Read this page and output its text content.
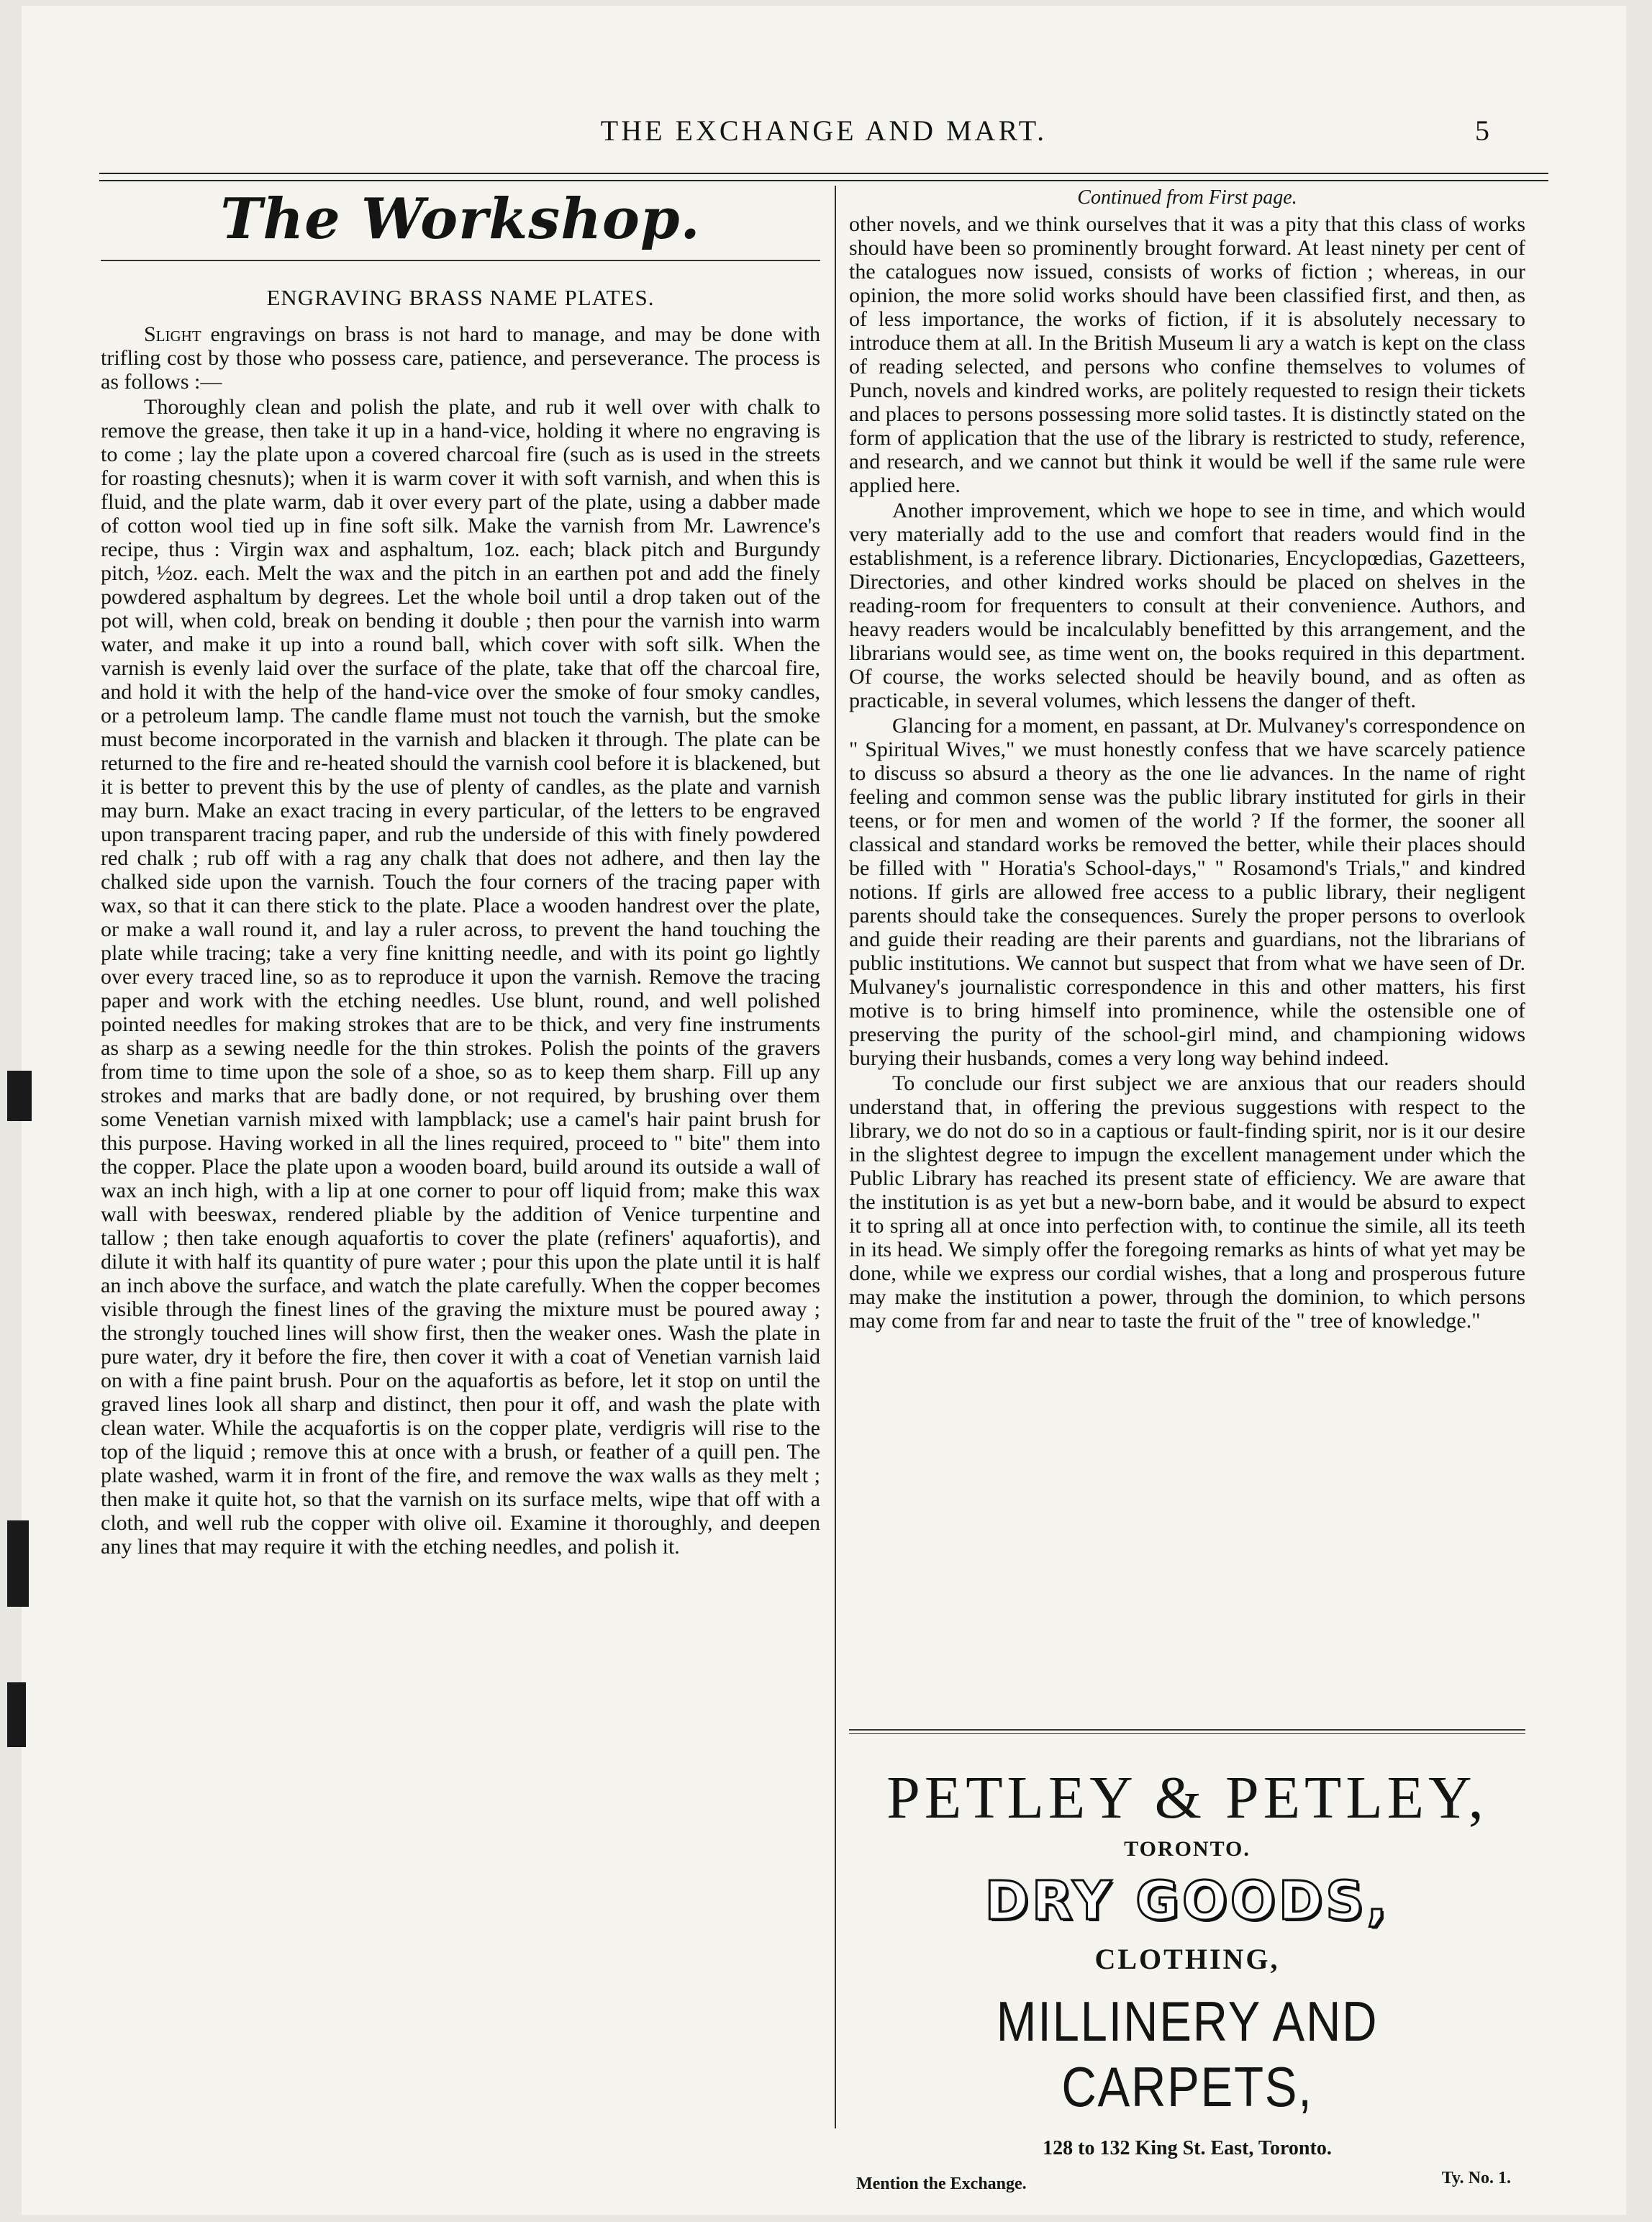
THE EXCHANGE AND MART.	5
The Workshop.
ENGRAVING BRASS NAME PLATES.

Slight engravings on brass is not hard to manage, and may be done with trifling cost by those who possess care, patience, and perseverance. The process is as follows :—

Thoroughly clean and polish the plate, and rub it well over with chalk to remove the grease, then take it up in a hand-vice, holding it where no engraving is to come ; lay the plate upon a covered charcoal fire (such as is used in the streets for roasting chesnuts); when it is warm cover it with soft varnish, and when this is fluid, and the plate warm, dab it over every part of the plate, using a dabber made of cotton wool tied up in fine soft silk. Make the varnish from Mr. Lawrence's recipe, thus : Virgin wax and asphaltum, 1oz. each; black pitch and Burgundy pitch, ½oz. each. Melt the wax and the pitch in an earthen pot and add the finely powdered asphaltum by degrees. Let the whole boil until a drop taken out of the pot will, when cold, break on bending it double ; then pour the varnish into warm water, and make it up into a round ball, which cover with soft silk. When the varnish is evenly laid over the surface of the plate, take that off the charcoal fire, and hold it with the help of the hand-vice over the smoke of four smoky candles, or a petroleum lamp. The candle flame must not touch the varnish, but the smoke must become incorporated in the varnish and blacken it through. The plate can be returned to the fire and re-heated should the varnish cool before it is blackened, but it is better to prevent this by the use of plenty of candles, as the plate and varnish may burn. Make an exact tracing in every particular, of the letters to be engraved upon transparent tracing paper, and rub the underside of this with finely powdered red chalk ; rub off with a rag any chalk that does not adhere, and then lay the chalked side upon the varnish. Touch the four corners of the tracing paper with wax, so that it can there stick to the plate. Place a wooden handrest over the plate, or make a wall round it, and lay a ruler across, to prevent the hand touching the plate while tracing; take a very fine knitting needle, and with its point go lightly over every traced line, so as to reproduce it upon the varnish. Remove the tracing paper and work with the etching needles. Use blunt, round, and well polished pointed needles for making strokes that are to be thick, and very fine instruments as sharp as a sewing needle for the thin strokes. Polish the points of the gravers from time to time upon the sole of a shoe, so as to keep them sharp. Fill up any strokes and marks that are badly done, or not required, by brushing over them some Venetian varnish mixed with lampblack; use a camel's hair paint brush for this purpose. Having worked in all the lines required, proceed to " bite" them into the copper. Place the plate upon a wooden board, build around its outside a wall of wax an inch high, with a lip at one corner to pour off liquid from; make this wax wall with beeswax, rendered pliable by the addition of Venice turpentine and tallow ; then take enough aquafortis to cover the plate (refiners' aquafortis), and dilute it with half its quantity of pure water ; pour this upon the plate until it is half an inch above the surface, and watch the plate carefully. When the copper becomes visible through the finest lines of the graving the mixture must be poured away ; the strongly touched lines will show first, then the weaker ones. Wash the plate in pure water, dry it before the fire, then cover it with a coat of Venetian varnish laid on with a fine paint brush. Pour on the aquafortis as before, let it stop on until the graved lines look all sharp and distinct, then pour it off, and wash the plate with clean water. While the acquafortis is on the copper plate, verdigris will rise to the top of the liquid ; remove this at once with a brush, or feather of a quill pen. The plate washed, warm it in front of the fire, and remove the wax walls as they melt ; then make it quite hot, so that the varnish on its surface melts, wipe that off with a cloth, and well rub the copper with olive oil. Examine it thoroughly, and deepen any lines that may require it with the etching needles, and polish it.

Continued from First page.

other novels, and we think ourselves that it was a pity that this class of works should have been so prominently brought forward. At least ninety per cent of the catalogues now issued, consists of works of fiction ; whereas, in our opinion, the more solid works should have been classified first, and then, as of less importance, the works of fiction, if it is absolutely necessary to introduce them at all. In the British Museum li ary a watch is kept on the class of reading selected, and persons who confine themselves to volumes of Punch, novels and kindred works, are politely requested to resign their tickets and places to persons possessing more solid tastes. It is distinctly stated on the form of application that the use of the library is restricted to study, reference, and research, and we cannot but think it would be well if the same rule were applied here.

Another improvement, which we hope to see in time, and which would very materially add to the use and comfort that readers would find in the establishment, is a reference library. Dictionaries, Encyclopœdias, Gazetteers, Directories, and other kindred works should be placed on shelves in the reading-room for frequenters to consult at their convenience. Authors, and heavy readers would be incalculably benefitted by this arrangement, and the librarians would see, as time went on, the books required in this department. Of course, the works selected should be heavily bound, and as often as practicable, in several volumes, which lessens the danger of theft.

Glancing for a moment, en passant, at Dr. Mulvaney's correspondence on " Spiritual Wives," we must honestly confess that we have scarcely patience to discuss so absurd a theory as the one lie advances. In the name of right feeling and common sense was the public library instituted for girls in their teens, or for men and women of the world ? If the former, the sooner all classical and standard works be removed the better, while their places should be filled with " Horatia's School-days," " Rosamond's Trials," and kindred notions. If girls are allowed free access to a public library, their negligent parents should take the consequences. Surely the proper persons to overlook and guide their reading are their parents and guardians, not the librarians of public institutions. We cannot but suspect that from what we have seen of Dr. Mulvaney's journalistic correspondence in this and other matters, his first motive is to bring himself into prominence, while the ostensible one of preserving the purity of the school-girl mind, and championing widows burying their husbands, comes a very long way behind indeed.

To conclude our first subject we are anxious that our readers should understand that, in offering the previous suggestions with respect to the library, we do not do so in a captious or fault-finding spirit, nor is it our desire in the slightest degree to impugn the excellent management under which the Public Library has reached its present state of efficiency. We are aware that the institution is as yet but a new-born babe, and it would be absurd to expect it to spring all at once into perfection with, to continue the simile, all its teeth in its head. We simply offer the foregoing remarks as hints of what yet may be done, while we express our cordial wishes, that a long and prosperous future may make the institution a power, through the dominion, to which persons may come from far and near to taste the fruit of the " tree of knowledge."

PETLEY & PETLEY,
TORONTO.
DRY GOODS,
CLOTHING,
MILLINERY AND CARPETS,
128 to 132 King St. East, Toronto.
Mention the Exchange.	Ty. No. 1.
